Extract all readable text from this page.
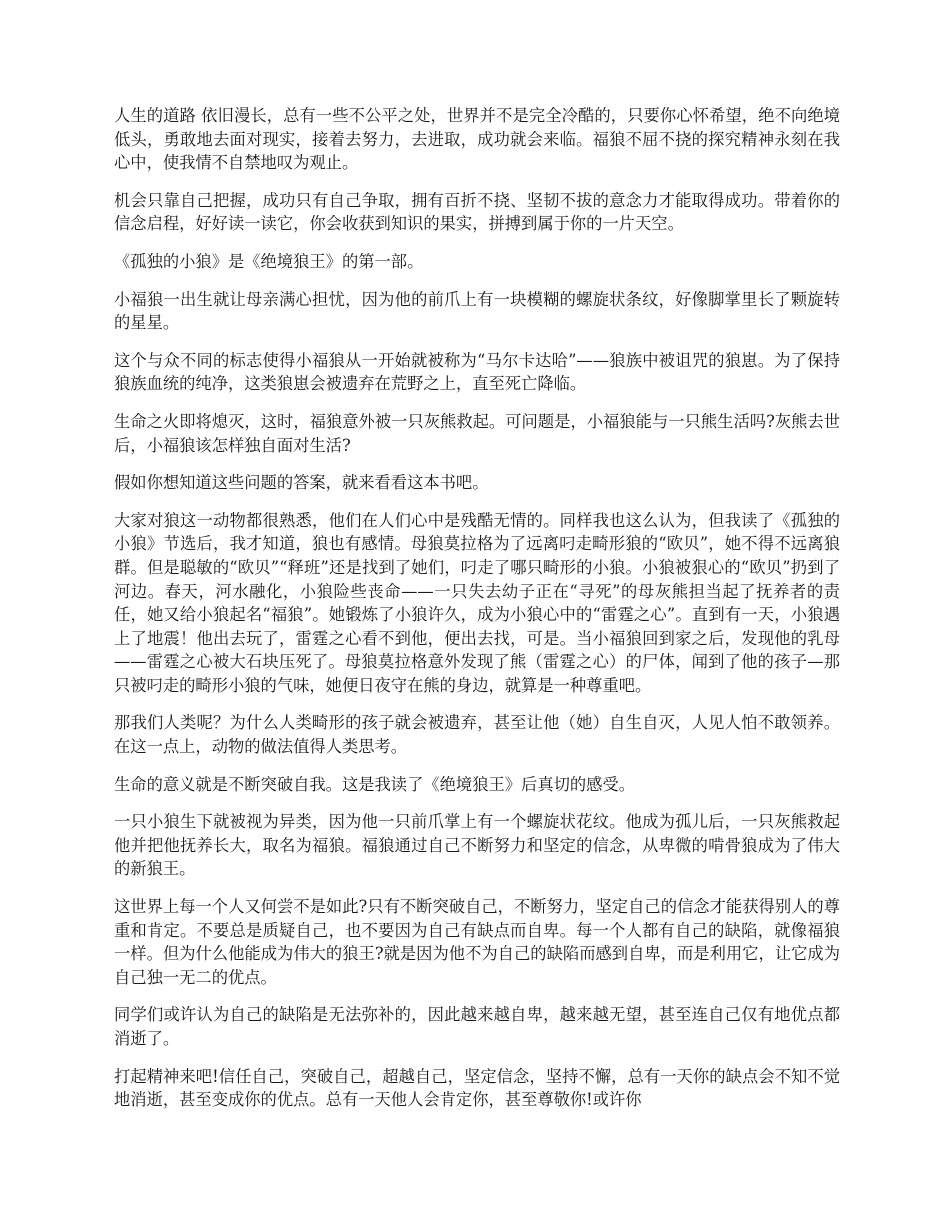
人生的道路 依旧漫长，总有一些不公平之处，世界并不是完全冷酷的，只要你心怀希望，绝不向绝境低头，勇敢地去面对现实，接着去努力，去进取，成功就会来临。福狼不屈不挠的探究精神永刻在我心中，使我情不自禁地叹为观止。

机会只靠自己把握，成功只有自己争取，拥有百折不挠、坚韧不拔的意念力才能取得成功。带着你的信念启程，好好读一读它，你会收获到知识的果实，拼搏到属于你的一片天空。

《孤独的小狼》是《绝境狼王》的第一部。

小福狼一出生就让母亲满心担忧，因为他的前爪上有一块模糊的螺旋状条纹，好像脚掌里长了颗旋转的星星。

这个与众不同的标志使得小福狼从一开始就被称为“马尔卡达哈”——狼族中被诅咒的狼崽。为了保持狼族血统的纯净，这类狼崽会被遗弃在荒野之上，直至死亡降临。

生命之火即将熄灭，这时，福狼意外被一只灰熊救起。可问题是，小福狼能与一只熊生活吗?灰熊去世后，小福狼该怎样独自面对生活?

假如你想知道这些问题的答案，就来看看这本书吧。

大家对狼这一动物都很熟悉，他们在人们心中是残酷无情的。同样我也这么认为，但我读了《孤独的小狼》节选后，我才知道，狼也有感情。母狼莫拉格为了远离叼走畸形狼的“欧贝”，她不得不远离狼群。但是聪敏的“欧贝”“释班”还是找到了她们，叼走了哪只畸形的小狼。小狼被狠心的“欧贝”扔到了河边。春天，河水融化，小狼险些丧命——一只失去幼子正在“寻死”的母灰熊担当起了抚养者的责任，她又给小狼起名“福狼”。她锻炼了小狼许久，成为小狼心中的“雷霆之心”。直到有一天，小狼遇上了地震！他出去玩了，雷霆之心看不到他，便出去找，可是。当小福狼回到家之后，发现他的乳母——雷霆之心被大石块压死了。母狼莫拉格意外发现了熊（雷霆之心）的尸体，闻到了他的孩子—那只被叼走的畸形小狼的气味，她便日夜守在熊的身边，就算是一种尊重吧。

那我们人类呢？为什么人类畸形的孩子就会被遗弃，甚至让他（她）自生自灭，人见人怕不敢领养。在这一点上，动物的做法值得人类思考。

生命的意义就是不断突破自我。这是我读了《绝境狼王》后真切的感受。

一只小狼生下就被视为异类，因为他一只前爪掌上有一个螺旋状花纹。他成为孤儿后，一只灰熊救起他并把他抚养长大，取名为福狼。福狼通过自己不断努力和坚定的信念，从卑微的啃骨狼成为了伟大的新狼王。

这世界上每一个人又何尝不是如此?只有不断突破自己，不断努力，坚定自己的信念才能获得别人的尊重和肯定。不要总是质疑自己，也不要因为自己有缺点而自卑。每一个人都有自己的缺陷，就像福狼一样。但为什么他能成为伟大的狼王?就是因为他不为自己的缺陷而感到自卑，而是利用它，让它成为自己独一无二的优点。

同学们或许认为自己的缺陷是无法弥补的，因此越来越自卑，越来越无望，甚至连自己仅有地优点都消逝了。

打起精神来吧!信任自己，突破自己，超越自己，坚定信念，坚持不懈，总有一天你的缺点会不知不觉地消逝，甚至变成你的优点。总有一天他人会肯定你，甚至尊敬你!或许你
